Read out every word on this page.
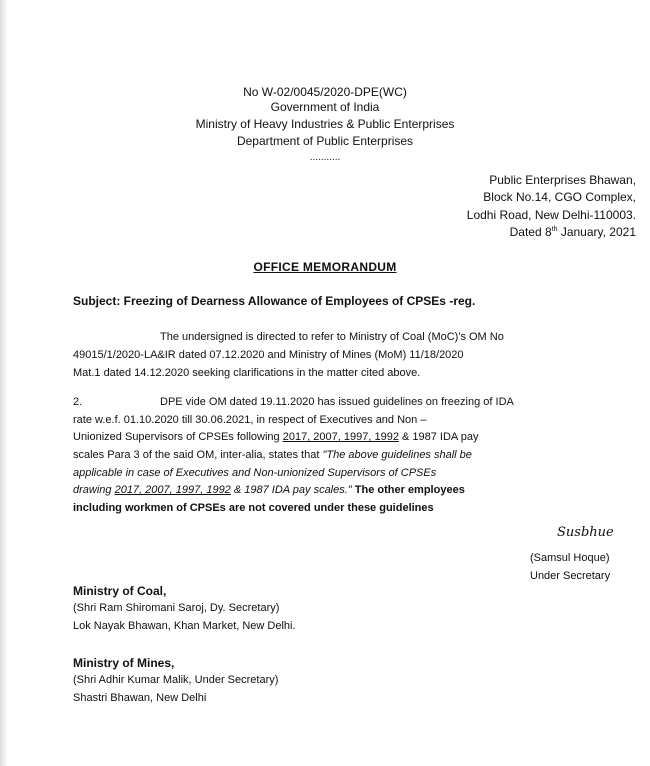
No W-02/0045/2020-DPE(WC)
Government of India
Ministry of Heavy Industries & Public Enterprises
Department of Public Enterprises
...........
Public Enterprises Bhawan,
Block No.14, CGO Complex,
Lodhi Road, New Delhi-110003.
Dated 8th January, 2021
OFFICE MEMORANDUM
Subject: Freezing of Dearness Allowance of Employees of CPSEs -reg.
The undersigned is directed to refer to Ministry of Coal (MoC)'s OM No
49015/1/2020-LA&IR dated 07.12.2020 and Ministry of Mines (MoM) 11/18/2020
Mat.1 dated 14.12.2020 seeking clarifications in the matter cited above.
2.	DPE vide OM dated 19.11.2020 has issued guidelines on freezing of IDA
rate w.e.f. 01.10.2020 till 30.06.2021, in respect of Executives and Non –
Unionized Supervisors of CPSEs following 2017, 2007, 1997, 1992 & 1987 IDA pay
scales Para 3 of the said OM, inter-alia, states that "The above guidelines shall be
applicable in case of Executives and Non-unionized Supervisors of CPSEs
drawing 2017, 2007, 1997, 1992 & 1987 IDA pay scales." The other employees
including workmen of CPSEs are not covered under these guidelines
Susbhue
(Samsul Hoque)
Under Secretary
Ministry of Coal,
(Shri Ram Shiromani Saroj, Dy. Secretary)
Lok Nayak Bhawan, Khan Market, New Delhi.
Ministry of Mines,
(Shri Adhir Kumar Malik, Under Secretary)
Shastri Bhawan, New Delhi
